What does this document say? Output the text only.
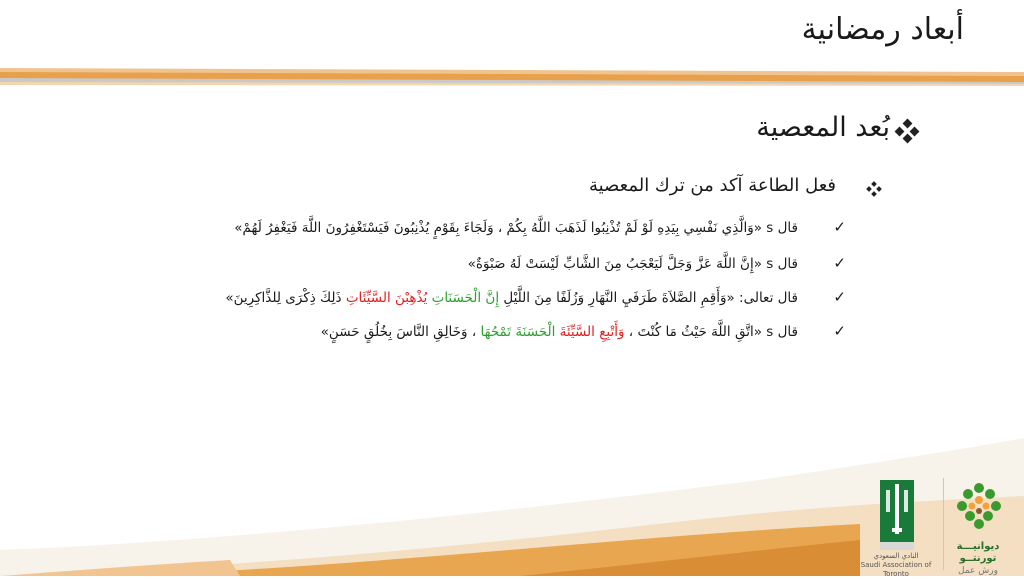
أبعاد رمضانية
بُعد المعصية
فعل الطاعة آكد من ترك المعصية
✓
قال s «وَالَّذِي نَفْسِي بِيَدِهِ لَوْ لَمْ تُذْنِبُوا لَذَهَبَ اللَّهُ بِكُمْ ، وَلَجَاءَ بِقَوْمٍ يُذْنِبُونَ فَيَسْتَغْفِرُونَ اللَّهَ فَيَغْفِرُ لَهُمْ»
✓
قال s «إِنَّ اللَّهَ عَزَّ وَجَلَّ لَيَعْجَبُ مِنَ الشَّابِّ لَيْسَتْ لَهُ صَبْوَةٌ»
✓
قال تعالى: «وَأَقِمِ الصَّلاَةَ طَرَفَيِ النَّهَارِ وَزُلَفًا مِنَ اللَّيْلِ إِنَّ الْحَسَنَاتِ يُذْهِبْنَ السَّيِّئَاتِ ذَلِكَ ذِكْرَى لِلذَّاكِرِينَ»
✓
قال s «اتَّقِ اللَّهَ حَيْثُ مَا كُنْتَ ، وَأَتْبِعِ السَّيِّئَةَ الْحَسَنَةَ تَمْحُهَا ، وَخَالِقِ النَّاسَ بِخُلُقٍ حَسَنٍ»
ديوانيـــة تورنتــو
ورش عمل
النادي السعودي
Saudi Association of Toronto
